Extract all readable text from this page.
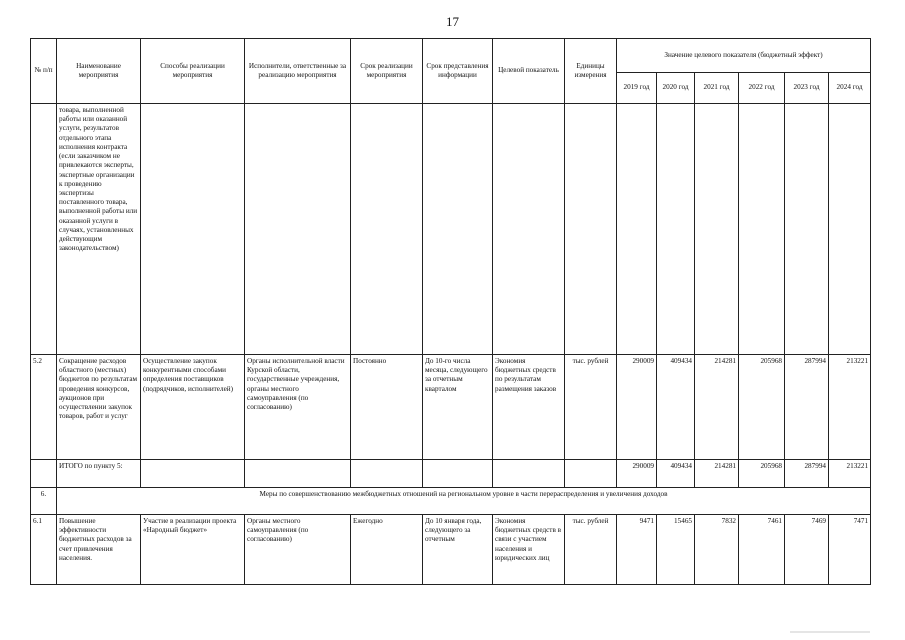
17
№ п/п	Наименование мероприятия	Способы реализации мероприятия	Исполнители, ответственные за реализацию мероприятия	Срок реализации мероприятия	Срок представления информации	Целевой показатель	Единицы измерения	Значение целевого показателя (бюджетный эффект)					
								2019 год	2020 год	2021 год	2022 год	2023 год	2024 год
	товара, выполненной работы или оказанной услуги, результатов отдельного этапа исполнения контракта (если заказчиком не привлекаются эксперты, экспертные организации к проведению экспертизы поставленного товара, выполненной работы или оказанной услуги в случаях, установленных действующим законодательством)												
5.2	Сокращение расходов областного (местных) бюджетов по результатам проведения конкурсов, аукционов при осуществлении закупок товаров, работ и услуг	Осуществление закупок конкурентными способами определения поставщиков (подрядчиков, исполнителей)	Органы исполнительной власти Курской области, государственные учреждения, органы местного самоуправления (по согласованию)	Постоянно	До 10-го числа месяца, следующего за отчетным кварталом	Экономия бюджетных средств по результатам размещения заказов	тыс. рублей	290009	409434	214281	205968	287994	213221
	ИТОГО по пункту 5:							290009	409434	214281	205968	287994	213221
6.	Меры по совершенствованию межбюджетных отношений на региональном уровне в части перераспределения и увеличения доходов												
6.1	Повышение эффективности бюджетных расходов за счет привлечения населения.	Участие в реализации проекта «Народный бюджет»	Органы местного самоуправления (по согласованию)	Ежегодно	До 10 января года, следующего за отчетным	Экономия бюджетных средств в связи с участием населения и юридических лиц	тыс. рублей	9471	15465	7832	7461	7469	7471
